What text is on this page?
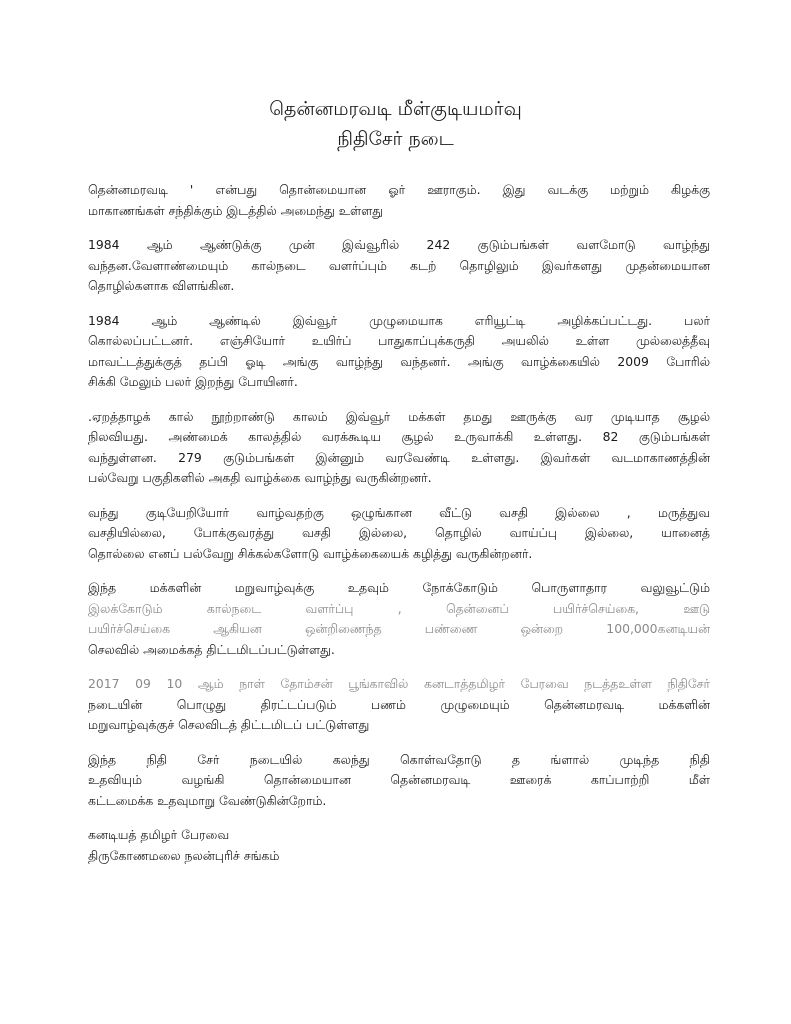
தென்னமரவடி மீள்குடியமர்வு
நிதிசேர் நடை
தென்னமரவடி ' என்பது தொன்மையான ஓர் ஊராகும். இது வடக்கு மற்றும் கிழக்கு
மாகாணங்கள் சந்திக்கும் இடத்தில் அமைந்து உள்ளது
1984 ஆம் ஆண்டுக்கு முன் இவ்வூரில் 242 குடும்பங்கள் வளமோடு வாழ்ந்து
வந்தன.வேளாண்மையும் கால்நடை வளர்ப்பும் கடற் தொழிலும் இவர்களது முதன்மையான
தொழில்களாக விளங்கின.
1984 ஆம் ஆண்டில் இவ்வூர் முழுமையாக எரியூட்டி அழிக்கப்பட்டது. பலர்
கொல்லப்பட்டனர். எஞ்சியோர் உயிர்ப் பாதுகாப்புக்கருதி அயலில் உள்ள முல்லைத்தீவு
மாவட்டத்துக்குத் தப்பி ஓடி அங்கு வாழ்ந்து வந்தனர். அங்கு வாழ்க்கையில் 2009 போரில்
சிக்கி மேலும் பலர் இறந்து போயினர்.
.ஏறத்தாழக் கால் நூற்றாண்டு காலம் இவ்வூர் மக்கள் தமது ஊருக்கு வர முடியாத சூழல்
நிலவியது. அண்மைக் காலத்தில் வரக்கூடிய சூழல் உருவாக்கி உள்ளது. 82 குடும்பங்கள்
வந்துள்ளன. 279 குடும்பங்கள் இன்னும் வரவேண்டி உள்ளது. இவர்கள் வடமாகாணத்தின்
பல்வேறு பகுதிகளில் அகதி வாழ்க்கை வாழ்ந்து வருகின்றனர்.
வந்து குடியேறியோர் வாழ்வதற்கு ஒழுங்கான வீட்டு வசதி இல்லை , மருத்துவ
வசதியில்லை, போக்குவரத்து வசதி இல்லை, தொழில் வாய்ப்பு இல்லை, யானைத்
தொல்லை எனப் பல்வேறு சிக்கல்களோடு வாழ்க்கையைக் கழித்து வருகின்றனர்.
இந்த மக்களின் மறுவாழ்வுக்கு உதவும் நோக்கோடும் பொருளாதார வலுவூட்டும்
இலக்கோடும் கால்நடை வளர்ப்பு , தென்னைப் பயிர்ச்செய்கை, ஊடு
பயிர்ச்செய்கை ஆகியன ஒன்றிணைந்த பண்ணை ஒன்றை 100,000கனடியன்
செலவில் அமைக்கத் திட்டமிடப்பட்டுள்ளது.
2017 09 10 ஆம் நாள் தோம்சன் பூங்காவில் கனடாத்தமிழர் பேரவை நடத்தஉள்ள நிதிசேர்
நடையின் பொழுது திரட்டப்படும் பணம் முழுமையும் தென்னமரவடி மக்களின்
மறுவாழ்வுக்குச் செலவிடத் திட்டமிடப் பட்டுள்ளது
இந்த நிதி சேர் நடையில் கலந்து கொள்வதோடு த ங்ளால் முடிந்த நிதி
உதவியும் வழங்கி தொன்மையான தென்னமரவடி ஊரைக் காப்பாற்றி மீள்
கட்டமைக்க உதவுமாறு வேண்டுகின்றோம்.
கனடியத் தமிழர் பேரவை
திருகோணமலை நலன்புரிச் சங்கம்
